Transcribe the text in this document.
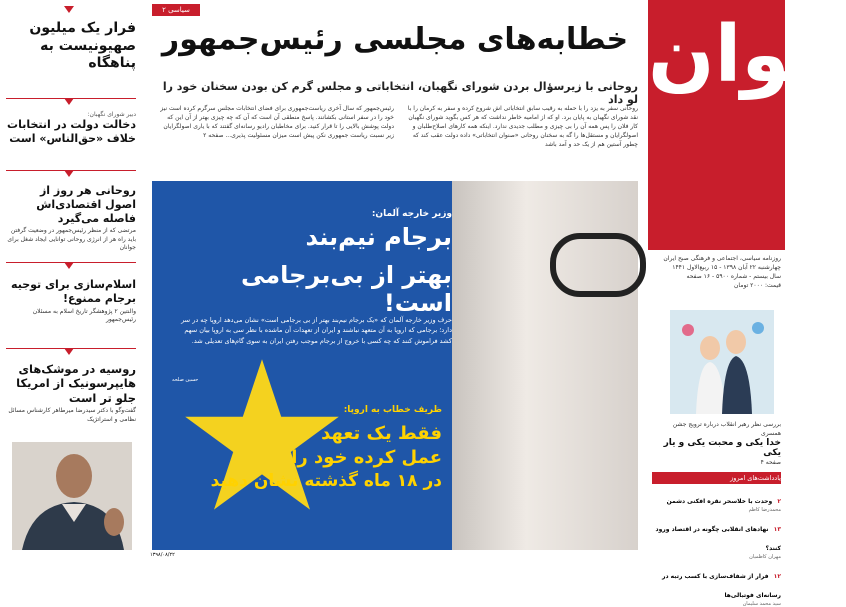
فرار یک میلیون صهیونیست به پناهگاه
دبیر شورای نگهبان:
دخالت دولت در انتخابات خلاف «حق‌الناس» است
روحانی هر روز از اصول اقتصادی‌اش فاصله می‌گیرد
مرتضی که از منظر رئیس‌جمهور در وضعیت گرفتن باید راه هر از انرژی روحانی توانایی ایجاد شغل برای جوانان
اسلام‌سازی برای توجیه برجام ممنوع!
والنتین ۲ پژوهشگر تاریخ اسلام به مسئلان رئیس‌جمهور
روسیه در موشک‌های هایپرسونیک از امریکا جلو تر است
گفت‌وگو با دکتر سیدرضا میرطاهر کارشناس مسائل نظامی و استراتژیک
سیاسی ۲
خطابه‌های مجلسی رئیس‌جمهور
روحانی با زیرسؤال بردن شورای نگهبان، انتخاباتی و مجلس گرم کن بودن سخنان خود را لو داد
روحانی سفر به یزد را با حمله به رقیب سابق انتخاباتی اش شروع کرده و سفر به کرمان را با نقد شورای نگهبان به پایان برد. او که از امامیه خاطر نداشت که هر کس بگوید شورای نگهبان کار فلان را پس همه آن را بی چیزی و مطلب جدیدی ندارد. اینکه همه کارهای اصلاح‌طلبان و اصولگرایان و مستقل‌ها را گه به سخنان روحانی «صنوان انتخاباتی» داده دولت عقب کند که چطور آستین هم از یک حد و آمد باشد
رئیس‌جمهور که سال آخری ریاست‌جمهوری برای فضای انتخابات مجلس سرگرم کرده است نیز خود را در سفر استانی بکشانند. پاسخ منطقی آن است که آن که چه چیزی بهتر از آن این که دولت پوشش بالایی را تا قرار کنید. برای مخاطبان رادیو رسانه‌ای گفتند که با یاری اصولگرایان زیر نسبت ریاست جمهوری نکن پیش است میزان مسئولیت پذیری... صفحه ۲
وزیر خارجه آلمان:
برجام نیم‌بند
بهتر از بی‌برجامی است!
حرف وزیر خارجه آلمان که «یک برجام نیم‌بند بهتر از بی برجامی است» نشان می‌دهد اروپا چه در سر دارد؛ برجامی که اروپا به آن متعهد نباشند و ایران از تعهدات آن ماشده با نظر سی به اروپا بیان سهم کشد فراموش کنند که چه کسی با خروج از برجام موجب رفتن ایران به سوی گام‌های تعدیلی شد.
حسین صلحه
ظریف خطاب به اروپا:
فقط یک تعهد
عمل کرده خود را
در ۱۸ ماه گذشته نشان دهید
۱۳۹۸/۰۸/۲۲
جوان
روزنامه سیاسی، اجتماعی و فرهنگی صبح ایران
چهارشنبه ۲۲ آبان ۱۳۹۸ - ۱۵ ربیع‌الاول ۱۴۴۱
سال بیستم - شماره ۵۹۰۰ - ۱۶ صفحه
قیمت: ۲۰۰۰ تومان
بررسی نظر رهبر انقلاب درباره ترویج جشن همسری
خدا یکی و محبت یکی و یار یکی
صفحه ۴
یادداشت‌های امروز
۲ وحدت با خلاسحر نقره افکنی دشمن
محمدرضا کاظم
۱۳ نهادهای انقلابی چگونه در اقتصاد ورود کنند؟
مهران کاظمیان
۱۲ فرار از شفاف‌سازی با کسب رتبه در رسانه‌ای فوتبالی‌ها
سید محمد سلیمان
